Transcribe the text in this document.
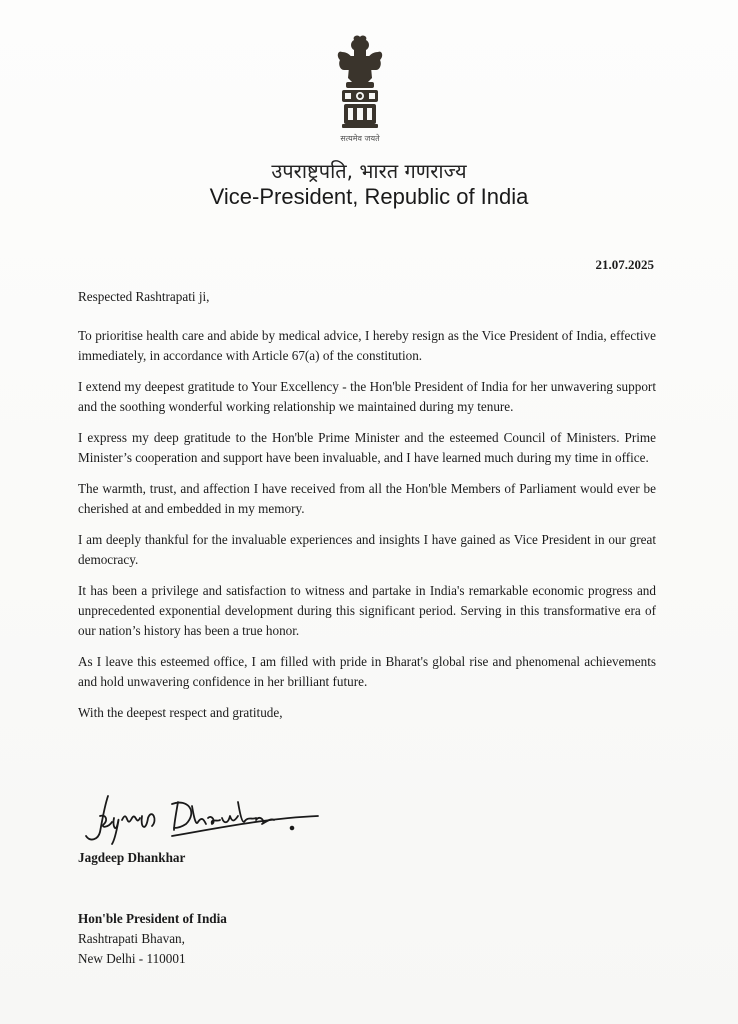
सत्यमेव जयते
उपराष्ट्रपति, भारत गणराज्य
Vice-President, Republic of India
21.07.2025

Respected Rashtrapati ji,

To prioritise health care and abide by medical advice, I hereby resign as the Vice President of India, effective immediately, in accordance with Article 67(a) of the constitution.

I extend my deepest gratitude to Your Excellency - the Hon'ble President of India for her unwavering support and the soothing wonderful working relationship we maintained during my tenure.

I express my deep gratitude to the Hon'ble Prime Minister and the esteemed Council of Ministers. Prime Minister’s cooperation and support have been invaluable, and I have learned much during my time in office.

The warmth, trust, and affection I have received from all the Hon'ble Members of Parliament would ever be cherished at and embedded in my memory.

I am deeply thankful for the invaluable experiences and insights I have gained as Vice President in our great democracy.

It has been a privilege and satisfaction to witness and partake in India's remarkable economic progress and unprecedented exponential development during this significant period. Serving in this transformative era of our nation’s history has been a true honor.

As I leave this esteemed office, I am filled with pride in Bharat's global rise and phenomenal achievements and hold unwavering confidence in her brilliant future.

With the deepest respect and gratitude,

Jagdeep Dhankhar
Hon'ble President of India
Rashtrapati Bhavan,
New Delhi - 110001
